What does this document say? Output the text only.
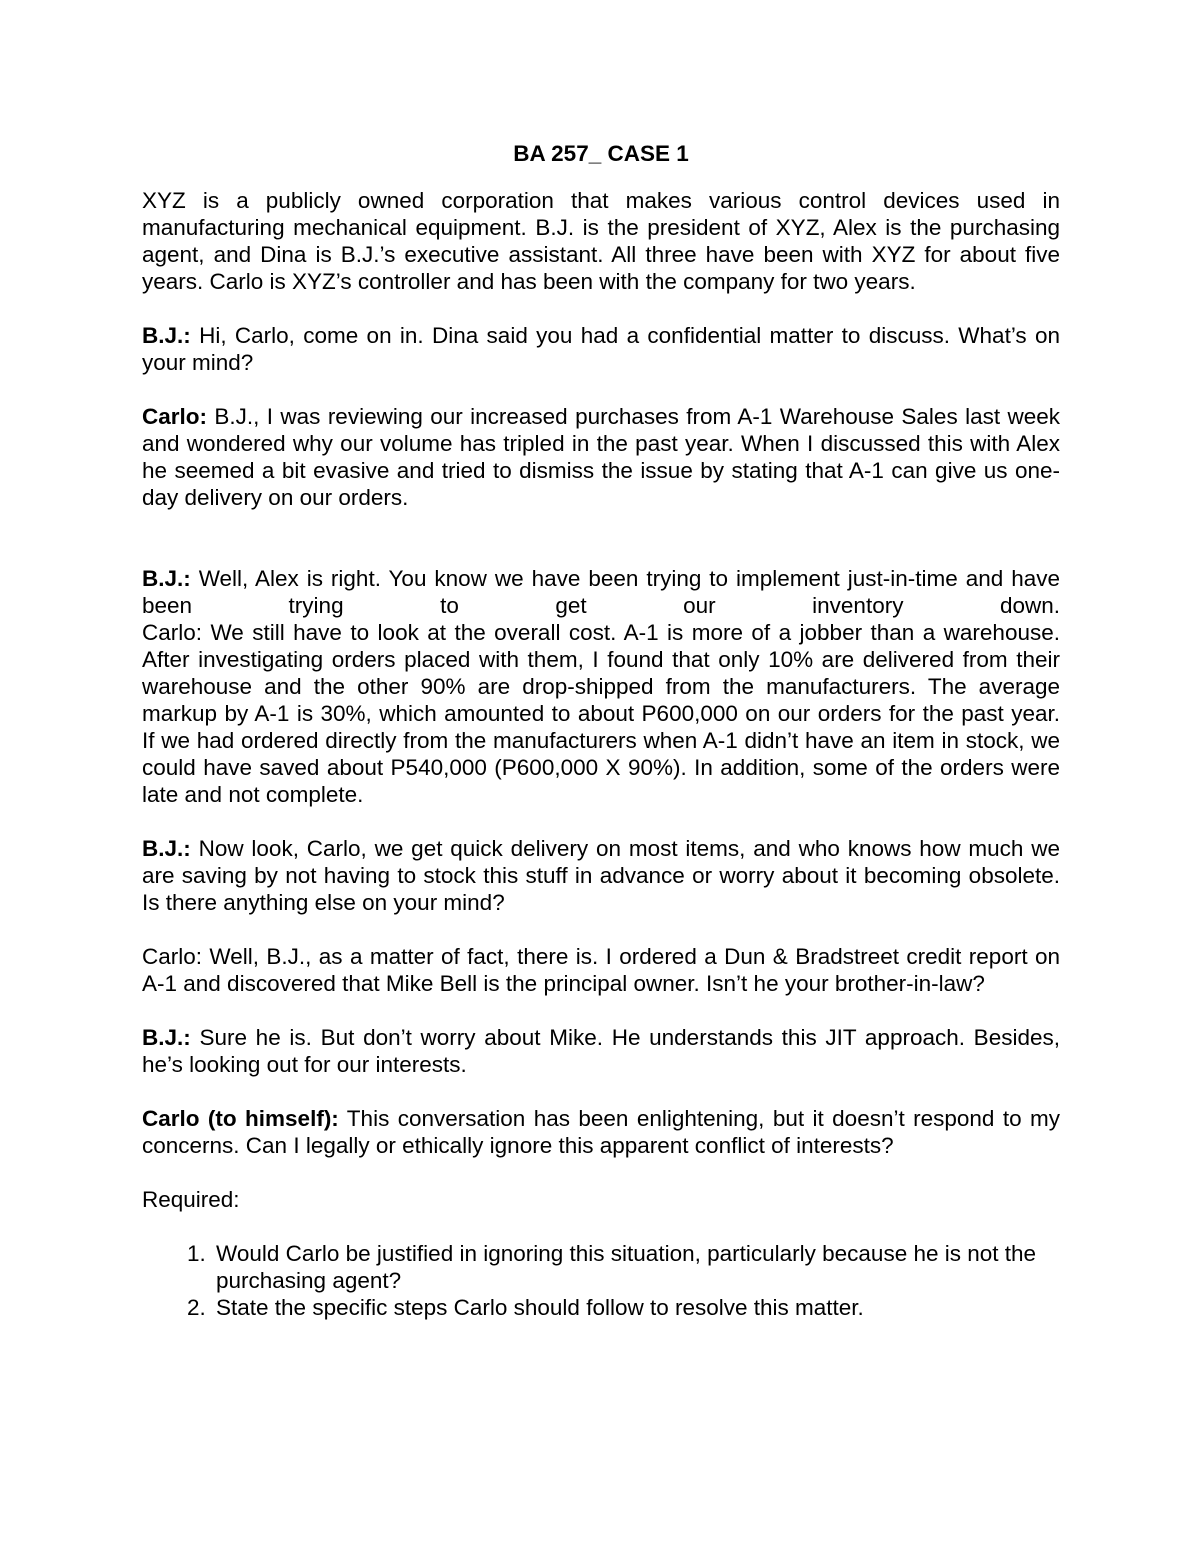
BA 257_ CASE 1

XYZ is a publicly owned corporation that makes various control devices used in manufacturing mechanical equipment. B.J. is the president of XYZ, Alex is the purchasing agent, and Dina is B.J.’s executive assistant. All three have been with XYZ for about five years. Carlo is XYZ’s controller and has been with the company for two years.

B.J.: Hi, Carlo, come on in. Dina said you had a confidential matter to discuss. What’s on your mind?

Carlo: B.J., I was reviewing our increased purchases from A-1 Warehouse Sales last week and wondered why our volume has tripled in the past year. When I discussed this with Alex he seemed a bit evasive and tried to dismiss the issue by stating that A-1 can give us one-day delivery on our orders.

B.J.: Well, Alex is right. You know we have been trying to implement just-in-time and have been trying to get our inventory down.

Carlo: We still have to look at the overall cost. A-1 is more of a jobber than a warehouse. After investigating orders placed with them, I found that only 10% are delivered from their warehouse and the other 90% are drop-shipped from the manufacturers. The average markup by A-1 is 30%, which amounted to about P600,000 on our orders for the past year. If we had ordered directly from the manufacturers when A-1 didn’t have an item in stock, we could have saved about P540,000 (P600,000 X 90%). In addition, some of the orders were late and not complete.

B.J.: Now look, Carlo, we get quick delivery on most items, and who knows how much we are saving by not having to stock this stuff in advance or worry about it becoming obsolete. Is there anything else on your mind?

Carlo: Well, B.J., as a matter of fact, there is. I ordered a Dun & Bradstreet credit report on A-1 and discovered that Mike Bell is the principal owner. Isn’t he your brother-in-law?

B.J.: Sure he is. But don’t worry about Mike. He understands this JIT approach. Besides, he’s looking out for our interests.

Carlo (to himself): This conversation has been enlightening, but it doesn’t respond to my concerns. Can I legally or ethically ignore this apparent conflict of interests?

Required:

1. Would Carlo be justified in ignoring this situation, particularly because he is not the purchasing agent?
2. State the specific steps Carlo should follow to resolve this matter.
